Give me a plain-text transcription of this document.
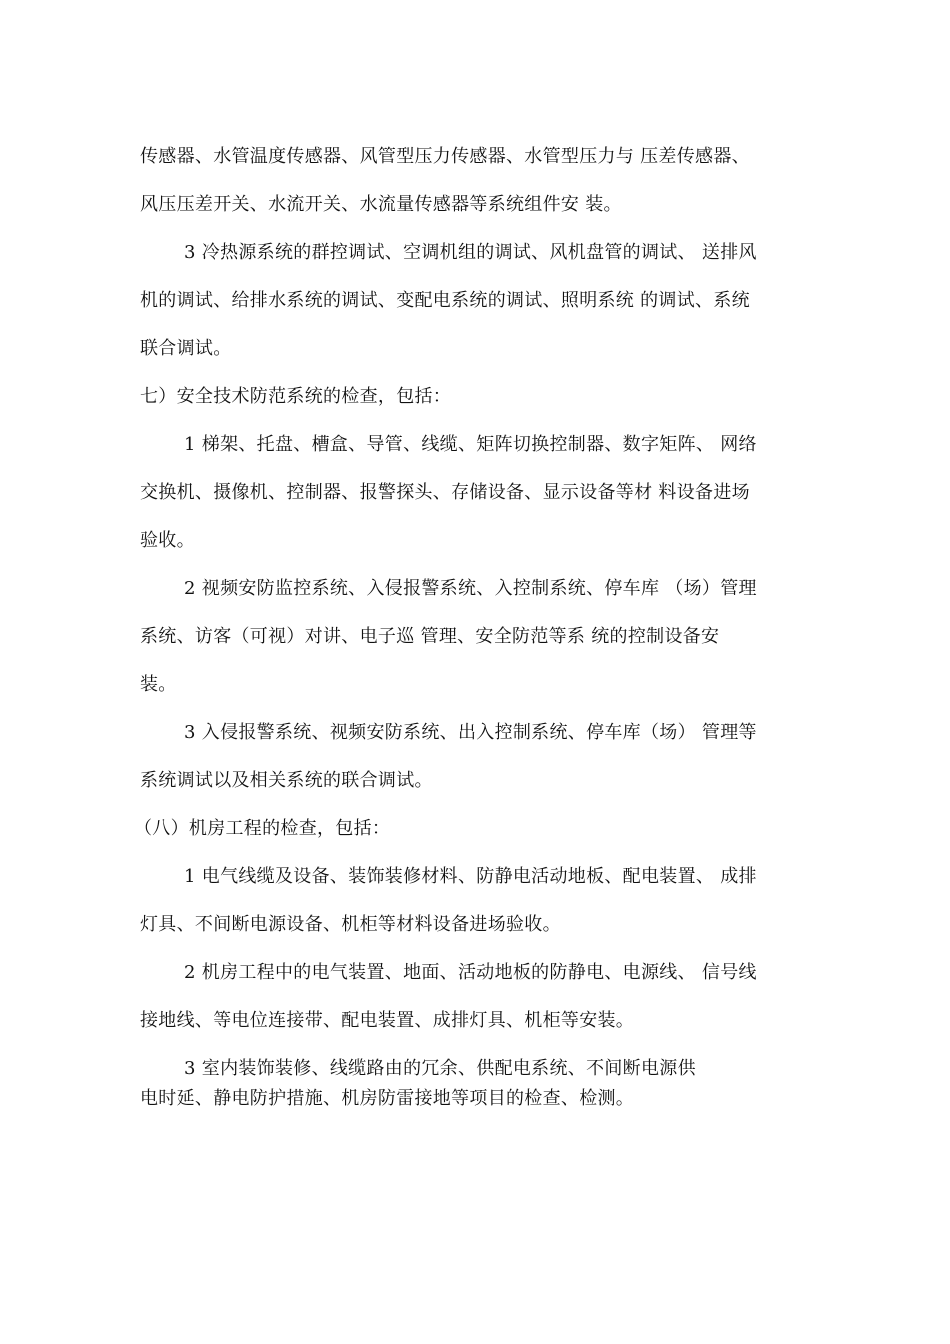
传感器、水管温度传感器、风管型压力传感器、水管型压力与 压差传感器、
风压压差开关、水流开关、水流量传感器等系统组件安 装。
3 冷热源系统的群控调试、空调机组的调试、风机盘管的调试、 送排风
机的调试、给排水系统的调试、变配电系统的调试、照明系统 的调试、系统
联合调试。
七）安全技术防范系统的检查，包括：
1 梯架、托盘、槽盒、导管、线缆、矩阵切换控制器、数字矩阵、 网络
交换机、摄像机、控制器、报警探头、存储设备、显示设备等材 料设备进场
验收。
2 视频安防监控系统、入侵报警系统、入控制系统、停车库 （场）管理
系统、访客（可视）对讲、电子巡 管理、安全防范等系 统的控制设备安
装。
3 入侵报警系统、视频安防系统、出入控制系统、停车库（场） 管理等
系统调试以及相关系统的联合调试。
（八）机房工程的检查，包括：
1 电气线缆及设备、装饰装修材料、防静电活动地板、配电装置、 成排
灯具、不间断电源设备、机柜等材料设备进场验收。
2 机房工程中的电气装置、地面、活动地板的防静电、电源线、 信号线
接地线、等电位连接带、配电装置、成排灯具、机柜等安装。
3 室内装饰装修、线缆路由的冗余、供配电系统、不间断电源供
电时延、静电防护措施、机房防雷接地等项目的检查、检测。
